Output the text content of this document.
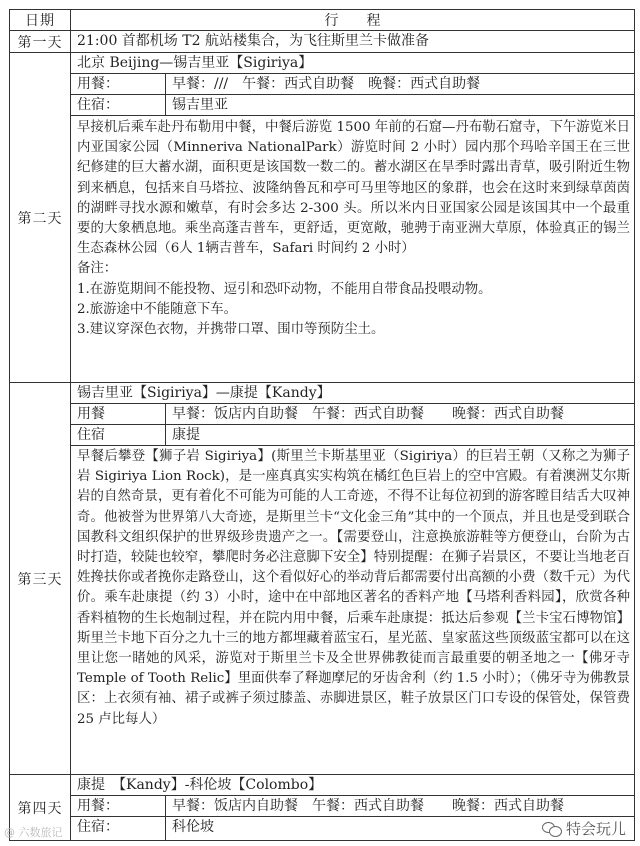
日期	行　　程
第一天	21:00 首都机场 T2 航站楼集合，为飞往斯里兰卡做准备
第二天
北京 Beijing—锡吉里亚【Sigiriya】
用餐：	早餐：///　午餐：西式自助餐　晚餐：西式自助餐
住宿：	锡吉里亚

早接机后乘车赴丹布勒用中餐，中餐后游览 1500 年前的石窟—丹布勒石窟寺，下午游览米日内亚国家公园（Minneriva NationalPark）游览时间 2 小时）园内那个玛哈辛国王在三世纪修建的巨大蓄水湖，面积更是该国数一数二的。蓄水湖区在旱季时露出青草，吸引附近生物到来栖息，包括来自马塔拉、波隆纳鲁瓦和亭可马里等地区的象群，也会在这时来到绿草茵茵的湖畔寻找水源和嫩草，有时会多达 2-300 头。所以米内日亚国家公园是该国其中一个最重要的大象栖息地。乘坐高蓬吉普车，更舒适，更宽敞，驰骋于南亚洲大草原，体验真正的锡兰生态森林公园（6人 1辆吉普车，Safari 时间约 2 小时）

备注：

1.在游览期间不能投物、逗引和恐吓动物，不能用自带食品投喂动物。

2.旅游途中不能随意下车。

3.建议穿深色衣物，并携带口罩、围巾等预防尘土。

第三天
锡吉里亚【Sigiriya】—康提【Kandy】
用餐	早餐：饭店内自助餐　午餐：西式自助餐　　晚餐：西式自助餐
住宿	康提

早餐后攀登【狮子岩 Sigiriya】(斯里兰卡斯基里亚（Sigiriya）的巨岩王朝（又称之为狮子岩 Sigiriya Lion Rock)，是一座真真实实构筑在橘红色巨岩上的空中宫殿。有着澳洲艾尔斯岩的自然奇景，更有着化不可能为可能的人工奇迹，不得不让每位初到的游客瞠目结舌大叹神奇。他被誉为世界第八大奇迹，是斯里兰卡“文化金三角”其中的一个顶点，并且也是受到联合国教科文组织保护的世界级珍贵遗产之一。【需要登山，注意换旅游鞋等方便登山，台阶为古时打造，较陡也较窄，攀爬时务必注意脚下安全】特别提醒：在狮子岩景区，不要让当地老百姓搀扶你或者挽你走路登山，这个看似好心的举动背后都需要付出高额的小费（数千元）为代价。乘车赴康提（约 3）小时，途中在中部地区著名的香料产地【马塔利香料园】，欣赏各种香料植物的生长炮制过程，并在院内用中餐，后乘车赴康提：抵达后参观【兰卡宝石博物馆】斯里兰卡地下百分之九十三的地方都埋藏着蓝宝石，星光蓝、皇家蓝这些顶级蓝宝都可以在这里让您一睹她的风采，游览对于斯里兰卡及全世界佛教徒而言最重要的朝圣地之一【佛牙寺 Temple of Tooth Relic】里面供奉了释迦摩尼的牙齿舍利（约 1.5 小时）；（佛牙寺为佛教景区：上衣须有袖、裙子或裤子须过膝盖、赤脚进景区，鞋子放景区门口专设的保管处，保管费 25 卢比每人）

第四天
康提　【Kandy】-科伦坡【Colombo】
用餐：	早餐：饭店内自助餐　午餐：西式自助餐　　晚餐：西式自助餐
住宿：	科伦坡
@ 六数旅记	特会玩儿
